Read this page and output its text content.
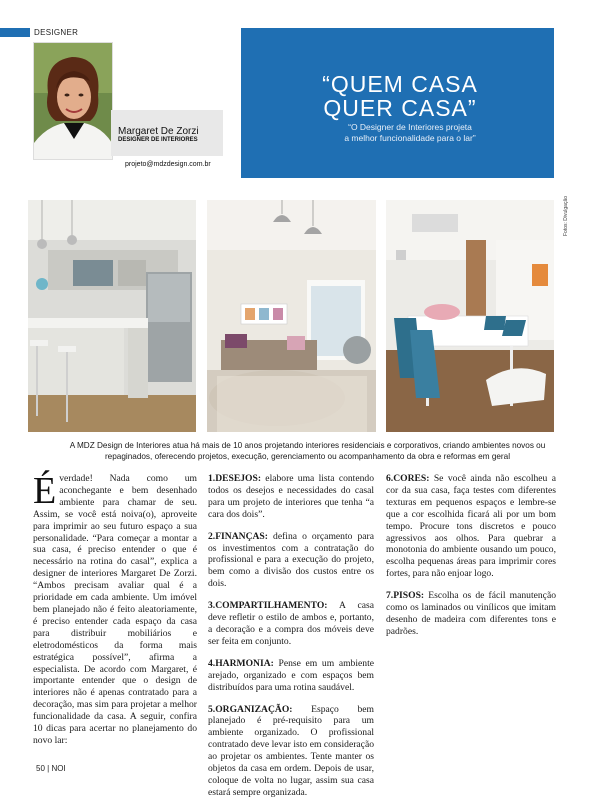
DESIGNER
Margaret De Zorzi
DESIGNER DE INTERIORES
projeto@mdzdesign.com.br
“QUEM CASA
QUER CASA”
“O Designer de Interiores projeta
a melhor funcionalidade para o lar”
Fotos: Divulgação
A MDZ Design de Interiores atua há mais de 10 anos projetando interiores residenciais e corporativos, criando ambientes novos ou
repaginados, oferecendo projetos, execução, gerenciamento ou acompanhamento da obra e reformas em geral

Éverdade! Nada como um aconchegante e bem desenhado ambiente para chamar de seu. Assim, se você está noiva(o), aproveite para imprimir ao seu futuro espaço a sua personalidade. “Para começar a montar a sua casa, é preciso entender o que é necessário na rotina do casal”, explica a designer de interiores Margaret De Zorzi. “Ambos precisam avaliar qual é a prioridade em cada ambiente. Um imóvel bem planejado não é feito aleatoriamente, é preciso entender cada espaço da casa para distribuir mobiliários e eletrodomésticos da forma mais estratégica possível”, afirma a especialista. De acordo com Margaret, é importante entender que o design de interiores não é apenas contratado para a decoração, mas sim para projetar a melhor funcionalidade da casa. A seguir, confira 10 dicas para acertar no planejamento do novo lar:

1.DESEJOS: elabore uma lista contendo todos os desejos e necessidades do casal para um projeto de interiores que tenha “a cara dos dois”.

2.FINANÇAS: defina o orçamento para os investimentos com a contratação do profissional e para a execução do projeto, bem como a divisão dos custos entre os dois.

3.COMPARTILHAMENTO: A casa deve refletir o estilo de ambos e, portanto, a decoração e a compra dos móveis deve ser feita em conjunto.

4.HARMONIA: Pense em um ambiente arejado, organizado e com espaços bem distribuídos para uma rotina saudável.

5.ORGANIZAÇÃO: Espaço bem planejado é pré-requisito para um ambiente organizado. O profissional contratado deve levar isto em consideração ao projetar os ambientes. Tente manter os objetos da casa em ordem. Depois de usar, coloque de volta no lugar, assim sua casa estará sempre organizada.

6.CORES: Se você ainda não escolheu a cor da sua casa, faça testes com diferentes texturas em pequenos espaços e lembre-se que a cor escolhida ficará ali por um bom tempo. Procure tons discretos e pouco agressivos aos olhos. Para quebrar a monotonia do ambiente ousando um pouco, escolha pequenas áreas para imprimir cores fortes, para não enjoar logo.

7.PISOS: Escolha os de fácil manutenção como os laminados ou vinílicos que imitam desenho de madeira com diferentes tons e padrões.

50 | NOI
